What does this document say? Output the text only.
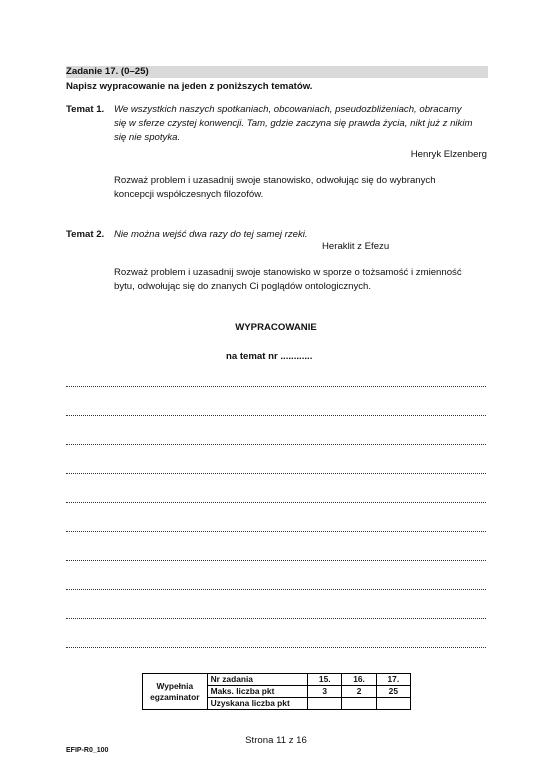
Zadanie 17. (0–25)
Napisz wypracowanie na jeden z poniższych tematów.
Temat 1. We wszystkich naszych spotkaniach, obcowaniach, pseudozbliżeniach, obracamy
się w sferze czystej konwencji. Tam, gdzie zaczyna się prawda życia, nikt już z nikim
się nie spotyka.
Henryk Elzenberg
Rozważ problem i uzasadnij swoje stanowisko, odwołując się do wybranych
koncepcji współczesnych filozofów.
Temat 2. Nie można wejść dwa razy do tej samej rzeki.
Heraklit z Efezu
Rozważ problem i uzasadnij swoje stanowisko w sporze o tożsamość i zmienność
bytu, odwołując się do znanych Ci poglądów ontologicznych.
WYPRACOWANIE
na temat nr ............
Wypełnia
egzaminator	Nr zadania	15.	16.	17.
	Maks. liczba pkt	3	2	25
	Uzyskana liczba pkt			
Strona 11 z 16
EFIP-R0_100
